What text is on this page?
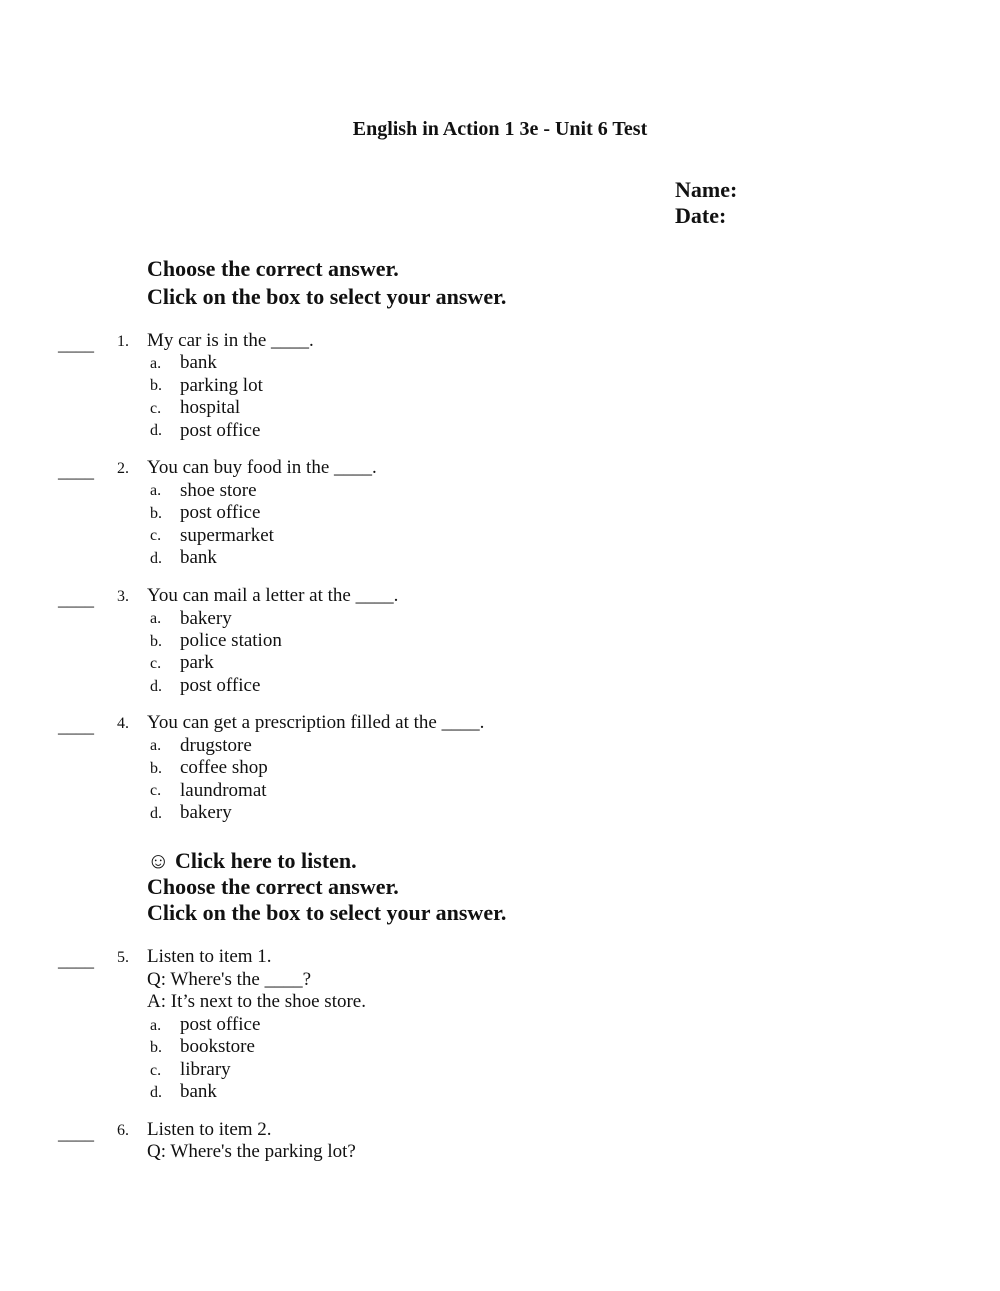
English in Action 1 3e - Unit 6 Test
Name:
Date:
Choose the correct answer.
Click on the box to select your answer.
____ 1. My car is in the ____.
a. bank
b. parking lot
c. hospital
d. post office
____ 2. You can buy food in the ____.
a. shoe store
b. post office
c. supermarket
d. bank
____ 3. You can mail a letter at the ____.
a. bakery
b. police station
c. park
d. post office
____ 4. You can get a prescription filled at the ____.
a. drugstore
b. coffee shop
c. laundromat
d. bakery
☺ Click here to listen.
Choose the correct answer.
Click on the box to select your answer.
____ 5. Listen to item 1.
Q: Where's the ____?
A: It’s next to the shoe store.
a. post office
b. bookstore
c. library
d. bank
____ 6. Listen to item 2.
Q: Where's the parking lot?
